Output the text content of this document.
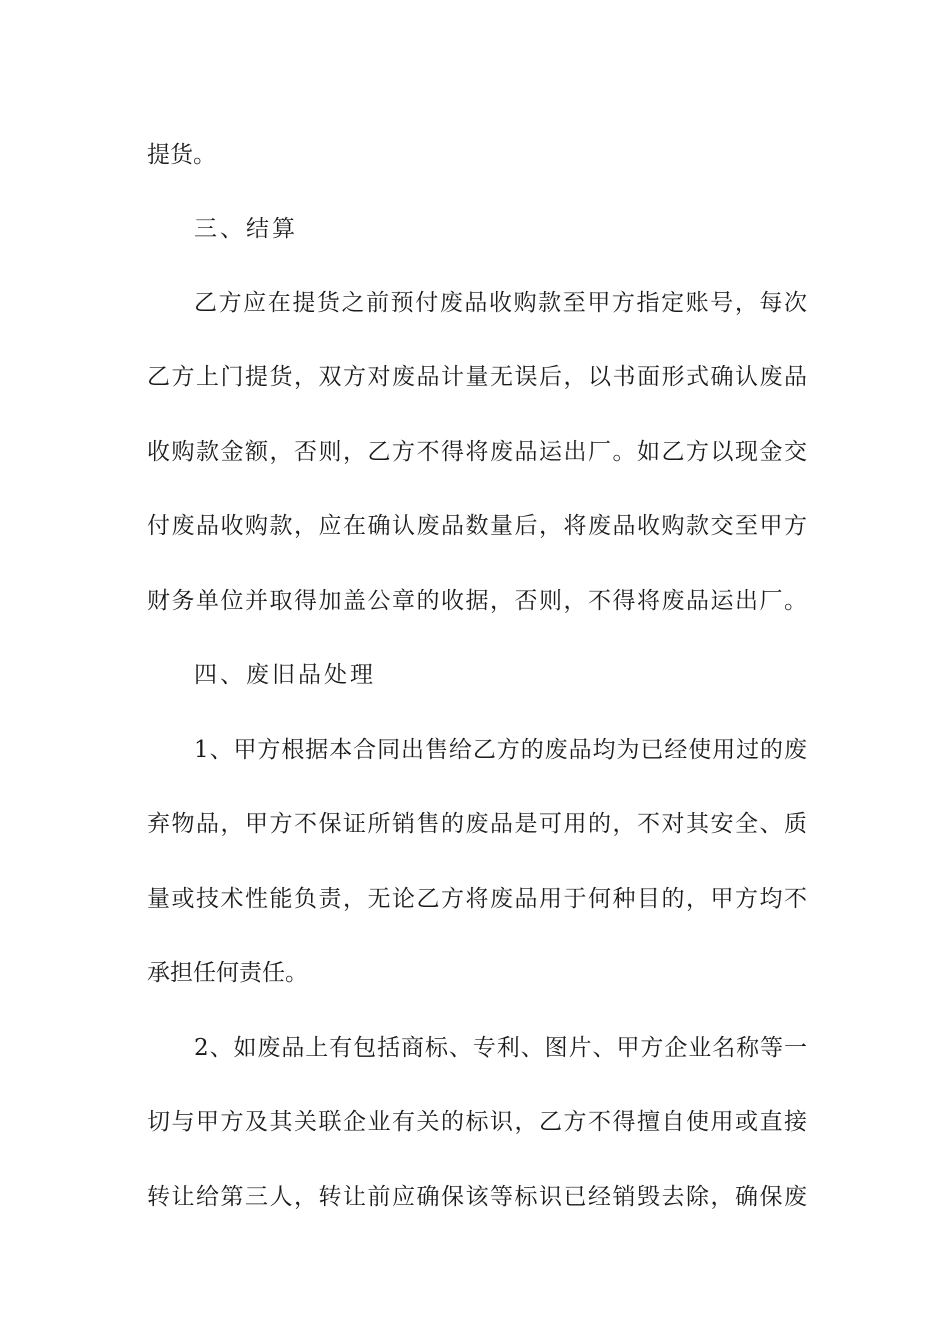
提货。
三、结算
乙方应在提货之前预付废品收购款至甲方指定账号，每次
乙方上门提货，双方对废品计量无误后，以书面形式确认废品
收购款金额，否则，乙方不得将废品运出厂。如乙方以现金交
付废品收购款，应在确认废品数量后，将废品收购款交至甲方
财务单位并取得加盖公章的收据，否则，不得将废品运出厂。
四、废旧品处理
1、甲方根据本合同出售给乙方的废品均为已经使用过的废
弃物品，甲方不保证所销售的废品是可用的，不对其安全、质
量或技术性能负责，无论乙方将废品用于何种目的，甲方均不
承担任何责任。
2、如废品上有包括商标、专利、图片、甲方企业名称等一
切与甲方及其关联企业有关的标识，乙方不得擅自使用或直接
转让给第三人，转让前应确保该等标识已经销毁去除，确保废
